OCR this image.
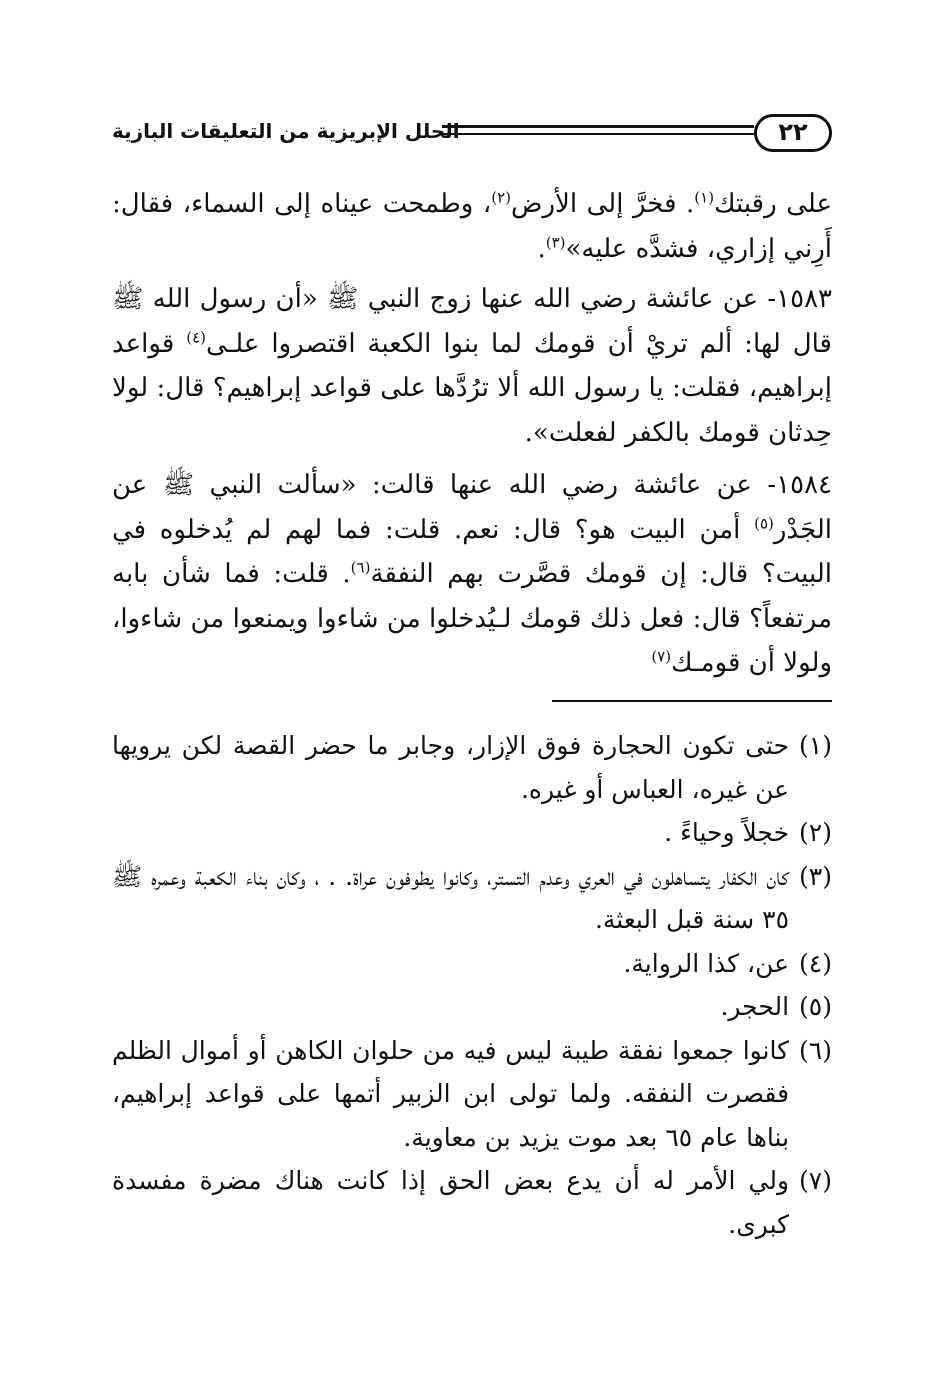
٢٢
الحلل الإبريزية من التعليقات البازية

على رقبتك$^{(١)}$. فخرَّ إلى الأرض$^{(٢)}$، وطمحت عيناه إلى السماء، فقال: أَرِني إزاري، فشدَّه عليه»$^{(٣)}$.

١٥٨٣- عن عائشة رضي الله عنها زوج النبي ﷺ «أن رسول الله ﷺ قال لها: ألم تريْ أن قومك لما بنوا الكعبة اقتصروا علـى$^{(٤)}$ قواعد إبراهيم، فقلت: يا رسول الله ألا ترُدَّها على قواعد إبراهيم؟ قال: لولا حِدثان قومك بالكفر لفعلت».

١٥٨٤- عن عائشة رضي الله عنها قالت: «سألت النبي ﷺ عن الجَدْر$^{(٥)}$ أمن البيت هو؟ قال: نعم. قلت: فما لهم لم يُدخلوه في البيت؟ قال: إن قومك قصَّرت بهم النفقة$^{(٦)}$. قلت: فما شأن بابه مرتفعاً؟ قال: فعل ذلك قومك لـيُدخلوا من شاءوا ويمنعوا من شاءوا، ولولا أن قومـك$^{(٧)}$

(١)
حتى تكون الحجارة فوق الإزار، وجابر ما حضر القصة لكن يرويها عن غيره، العباس أو غيره.
(٢)
خجلاً وحياءً .
(٣)
كان الكفار يتساهلون في العري وعدم التستر، وكانوا يطوفون عراة. . ، وكان بناء الكعبة وعمره ﷺ ٣٥ سنة قبل البعثة.
(٤)
عن، كذا الرواية.
(٥)
الحجر.
(٦)
كانوا جمعوا نفقة طيبة ليس فيه من حلوان الكاهن أو أموال الظلم فقصرت النفقه. ولما تولى ابن الزبير أتمها على قواعد إبراهيم، بناها عام ٦٥ بعد موت يزيد بن معاوية.
(٧)
ولي الأمر له أن يدع بعض الحق إذا كانت هناك مضرة مفسدة كبرى.
